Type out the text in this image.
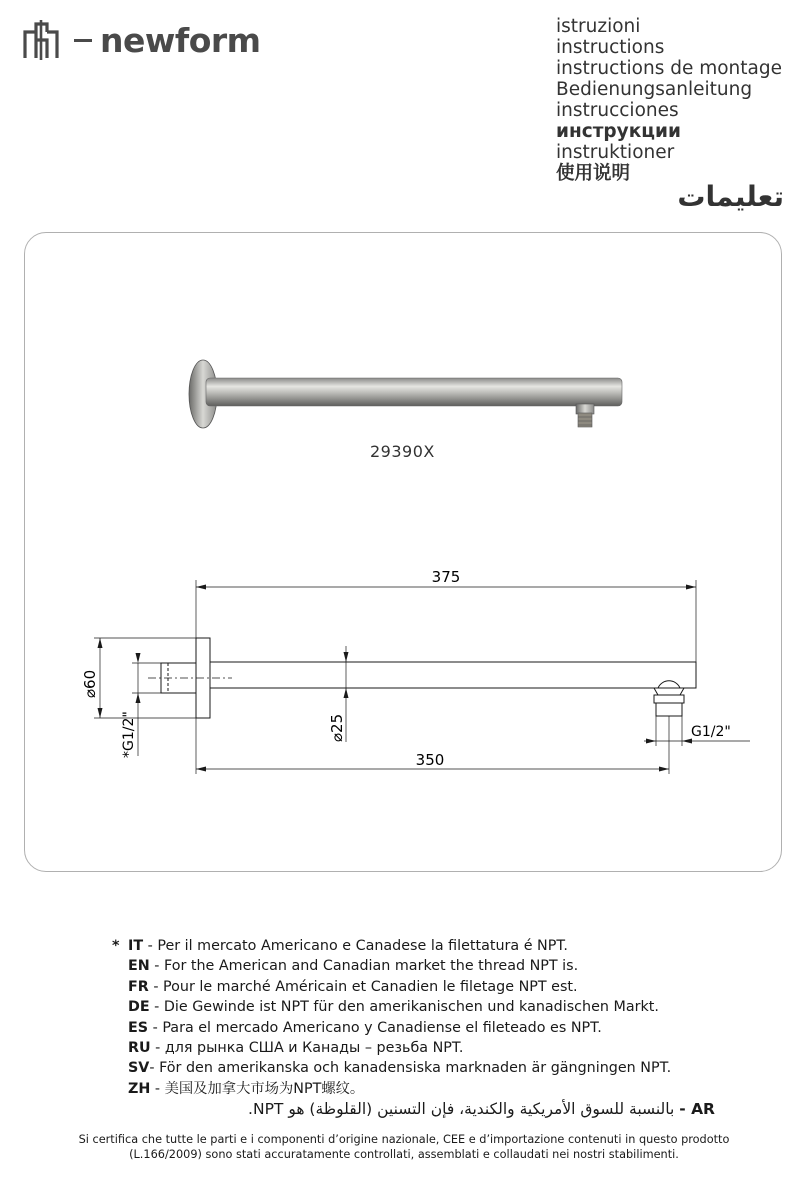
newform	istruzioni
instructions
instructions de montage
Bedienungsanleitung
instrucciones
инструкции
instruktioner
使用说明
تعليمات
29390X
375
350
⌀60
*G1/2"	⌀25	G1/2"
* IT - Per il mercato Americano e Canadese la filettatura é NPT.
EN - For the American and Canadian market the thread NPT is.
FR - Pour le marché Américain et Canadien le filetage NPT est.
DE - Die Gewinde ist NPT für den amerikanischen und kanadischen Markt.
ES - Para el mercado Americano y Canadiense el fileteado es NPT.
RU - для рынка США и Канады – резьба NPT.
SV- För den amerikanska och kanadensiska marknaden är gängningen NPT.
ZH - 美国及加拿大市场为NPT螺纹。
AR - بالنسبة للسوق الأمريكية والكندية، فإن التسنين (القلوظة) هو NPT.
Si certifica che tutte le parti e i componenti d’origine nazionale, CEE e d’importazione contenuti in questo prodotto
(L.166/2009) sono stati accuratamente controllati, assemblati e collaudati nei nostri stabilimenti.
